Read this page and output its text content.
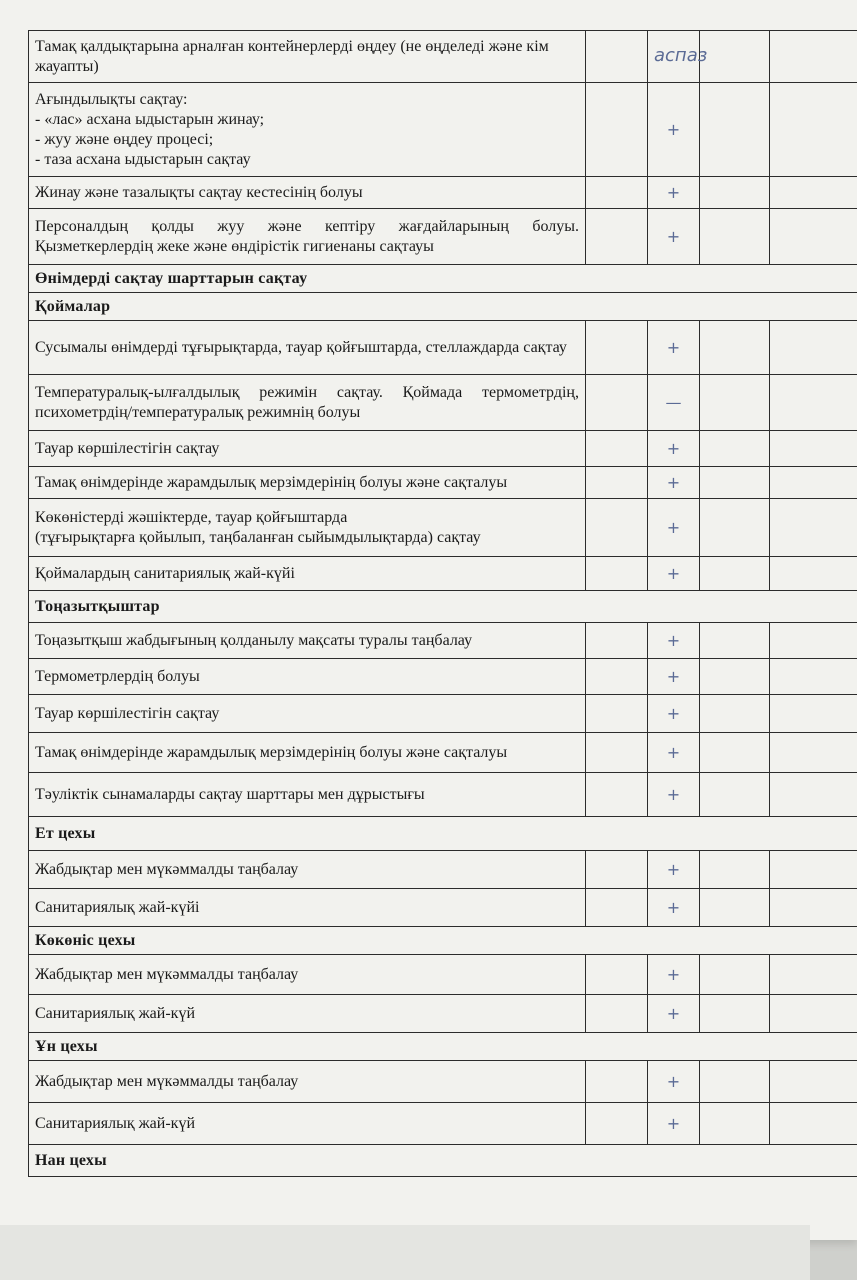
Тамақ қалдықтарына арналған контейнерлерді өңдеу (не өңделеді және кім жауапты)		аспаз		
Ағындылықты сақтау:
- «лас» асхана ыдыстарын жинау;
- жуу және өңдеу процесі;
- таза асхана ыдыстарын сақтау		+		
Жинау және тазалықты сақтау кестесінің болуы		+		
Персоналдың қолды жуу және кептіру жағдайларының болуы. Қызметкерлердің жеке және өндірістік гигиенаны сақтауы		+		
Өнімдерді сақтау шарттарын сақтау				
Қоймалар				
Сусымалы өнімдерді тұғырықтарда, тауар қойғыштарда, стеллаждарда сақтау		+		
Температуралық-ылғалдылық режимін сақтау. Қоймада термометрдің, психометрдің/температуралық режимнің болуы		—		
Тауар көршілестігін сақтау		+		
Тамақ өнімдерінде жарамдылық мерзімдерінің болуы және сақталуы		+		
Көкөністерді жәшіктерде, тауар қойғыштарда
(тұғырықтарға қойылып, таңбаланған сыйымдылықтарда) сақтау		+		
Қоймалардың санитариялық жай-күйі		+		
Тоңазытқыштар				
Тоңазытқыш жабдығының қолданылу мақсаты туралы таңбалау		+		
Термометрлердің болуы		+		
Тауар көршілестігін сақтау		+		
Тамақ өнімдерінде жарамдылық мерзімдерінің болуы және сақталуы		+		
Тәуліктік сынамаларды сақтау шарттары мен дұрыстығы		+		
Ет цехы				
Жабдықтар мен мүкәммалды таңбалау		+		
Санитариялық жай-күйі		+		
Көкөніс цехы				
Жабдықтар мен мүкәммалды таңбалау		+		
Санитариялық жай-күй		+		
Ұн цехы				
Жабдықтар мен мүкәммалды таңбалау		+		
Санитариялық жай-күй		+		
Нан цехы				
